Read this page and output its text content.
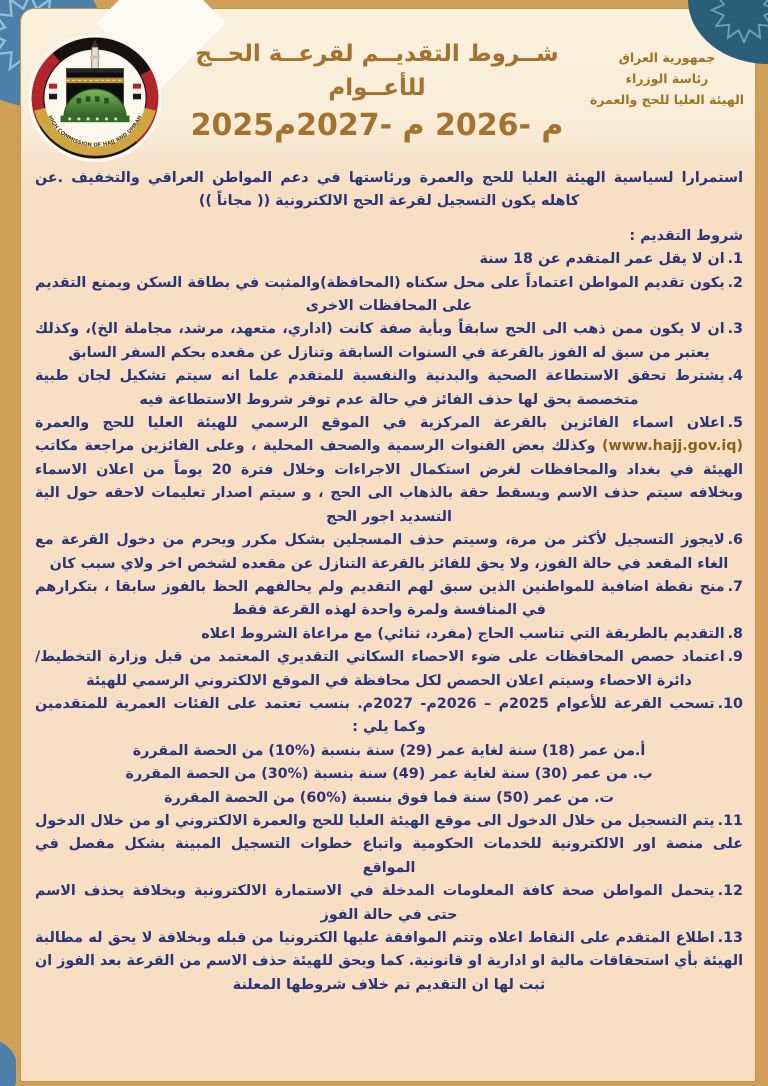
شــروط التقديــم لقرعــة الحــج للأعــوام
2025م -2026 م -2027م
جمهورية العراق
رئاسة الوزراء
الهيئة العليا للحج والعمرة
استمرارا لسياسية الهيئة العليا للحج والعمرة ورئاستها في دعم المواطن العراقي والتخفيف .عن كاهله يكون التسجيل لقرعة الحج الالكترونية (( مجاناً ))
شروط التقديم :
1.ان لا يقل عمر المتقدم عن 18 سنة
2.يكون تقديم المواطن اعتماداً على محل سكناه (المحافظة)والمثبت في بطاقة السكن ويمنع التقديم على المحافظات الاخرى
3.ان لا يكون ممن ذهب الى الحج سابقاً وبأية صفة كانت (اداري، متعهد، مرشد، مجاملة الخ)، وكذلك يعتبر من سبق له الفوز بالقرعة في السنوات السابقة وتنازل عن مقعده بحكم السفر السابق
4.يشترط تحقق الاستطاعة الصحية والبدنية والنفسية للمتقدم علما انه سيتم تشكيل لجان طبية متخصصة يحق لها حذف الفائز في حالة عدم توفر شروط الاستطاعة فيه
5.اعلان اسماء الفائزين بالقرعة المركزية في الموقع الرسمي للهيئة العليا للحج والعمرة (www.hajj.gov.iq) وكذلك بعض القنوات الرسمية والصحف المحلية ، وعلى الفائزين مراجعة مكاتب الهيئة في بغداد والمحافظات لغرض استكمال الاجراءات وخلال فترة 20 يوماً من اعلان الاسماء وبخلافه سيتم حذف الاسم ويسقط حقة بالذهاب الى الحج ، و سيتم اصدار تعليمات لاحقه حول الية التسديد اجور الحج
6.لايجوز التسجيل لأكثر من مرة، وسيتم حذف المسجلين بشكل مكرر ويحرم من دخول القرعة مع الغاء المقعد في حالة الفوز، ولا يحق للفائز بالقرعة التنازل عن مقعده لشخص اخر ولاي سبب كان
7.منح نقطة اضافية للمواطنين الذين سبق لهم التقديم ولم يحالفهم الحظ بالفوز سابقا ، بتكرارهم في المنافسة ولمرة واحدة لهذه القرعة فقط
8.التقديم بالطريقة التي تناسب الحاج (مفرد، ثنائي) مع مراعاة الشروط اعلاه
9.اعتماد حصص المحافظات على ضوء الاحصاء السكاني التقديري المعتمد من قبل وزارة التخطيط/دائرة الاحصاء وسيتم اعلان الحصص لكل محافظة في الموقع الالكتروني الرسمي للهيئة
10.تسحب القرعة للأعوام 2025م – 2026م- 2027م. بنسب تعتمد على الفئات العمرية للمتقدمين وكما يلي :
أ.من عمر (18) سنة لغاية عمر (29) سنة بنسبة (%10) من الحصة المقررة
ب. من عمر (30) سنة لغاية عمر (49) سنة بنسبة (%30) من الحصة المقررة
ت. من عمر (50) سنة فما فوق بنسبة (%60) من الحصة المقررة
11.يتم التسجيل من خلال الدخول الى موقع الهيئة العليا للحج والعمرة الالكتروني او من خلال الدخول على منصة اور الالكترونية للخدمات الحكومية واتباع خطوات التسجيل المبينة بشكل مفصل في المواقع
12.يتحمل المواطن صحة كافة المعلومات المدخلة في الاستمارة الالكترونية وبخلافة يحذف الاسم حتى في حالة الفوز
13.اطلاع المتقدم على النقاط اعلاه وتتم الموافقة عليها الكترونيا من قبله وبخلافة لا يحق له مطالبة الهيئة بأي استحقاقات مالية او ادارية او قانونية. كما ويحق للهيئة حذف الاسم من القرعة بعد الفوز ان ثبت لها ان التقديم تم خلاف شروطها المعلنة
HIGH COMMISSION OF HAJJ AND UMRAH
